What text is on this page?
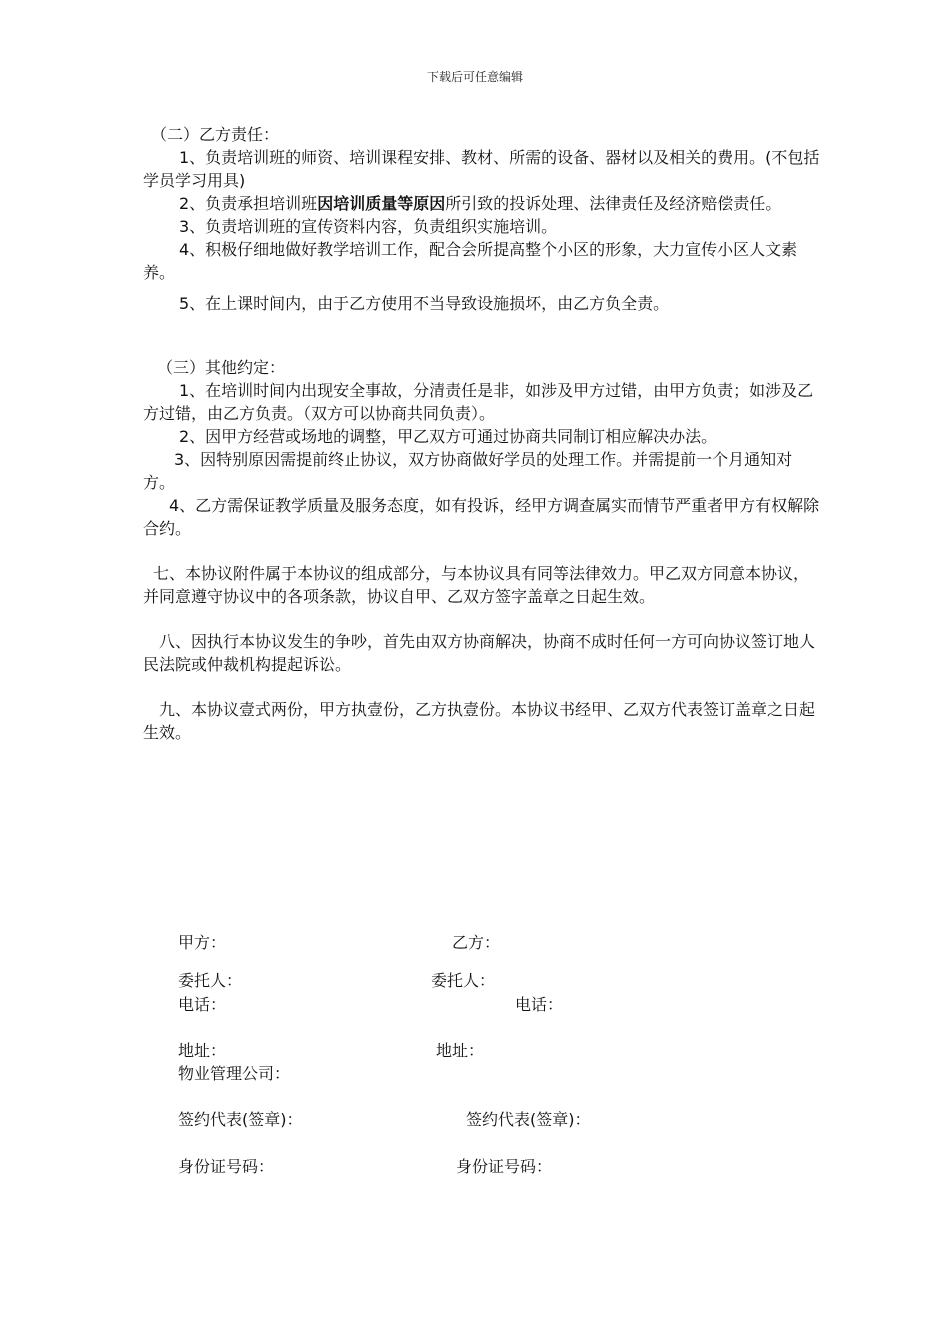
下载后可任意编辑

（二）乙方责任：

1、负责培训班的师资、培训课程安排、教材、所需的设备、器材以及相关的费用。(不包括学员学习用具)

2、负责承担培训班因培训质量等原因所引致的投诉处理、法律责任及经济赔偿责任。

3、负责培训班的宣传资料内容，负责组织实施培训。

4、积极仔细地做好教学培训工作，配合会所提高整个小区的形象，大力宣传小区人文素养。

5、在上课时间内，由于乙方使用不当导致设施损坏，由乙方负全责。

（三）其他约定：

1、在培训时间内出现安全事故，分清责任是非，如涉及甲方过错，由甲方负责；如涉及乙方过错，由乙方负责。（双方可以协商共同负责）。

2、因甲方经营或场地的调整，甲乙双方可通过协商共同制订相应解决办法。

3、因特别原因需提前终止协议，双方协商做好学员的处理工作。并需提前一个月通知对方。

4、乙方需保证教学质量及服务态度，如有投诉，经甲方调查属实而情节严重者甲方有权解除合约。

七、本协议附件属于本协议的组成部分，与本协议具有同等法律效力。甲乙双方同意本协议，并同意遵守协议中的各项条款，协议自甲、乙双方签字盖章之日起生效。

八、因执行本协议发生的争吵，首先由双方协商解决，协商不成时任何一方可向协议签订地人民法院或仲裁机构提起诉讼。

九、本协议壹式两份，甲方执壹份，乙方执壹份。本协议书经甲、乙双方代表签订盖章之日起生效。

甲方：	乙方：
委托人：	委托人：
电话：	电话：
地址：	地址：
物业管理公司：
签约代表(签章)：	签约代表(签章)：
身份证号码：	身份证号码：
